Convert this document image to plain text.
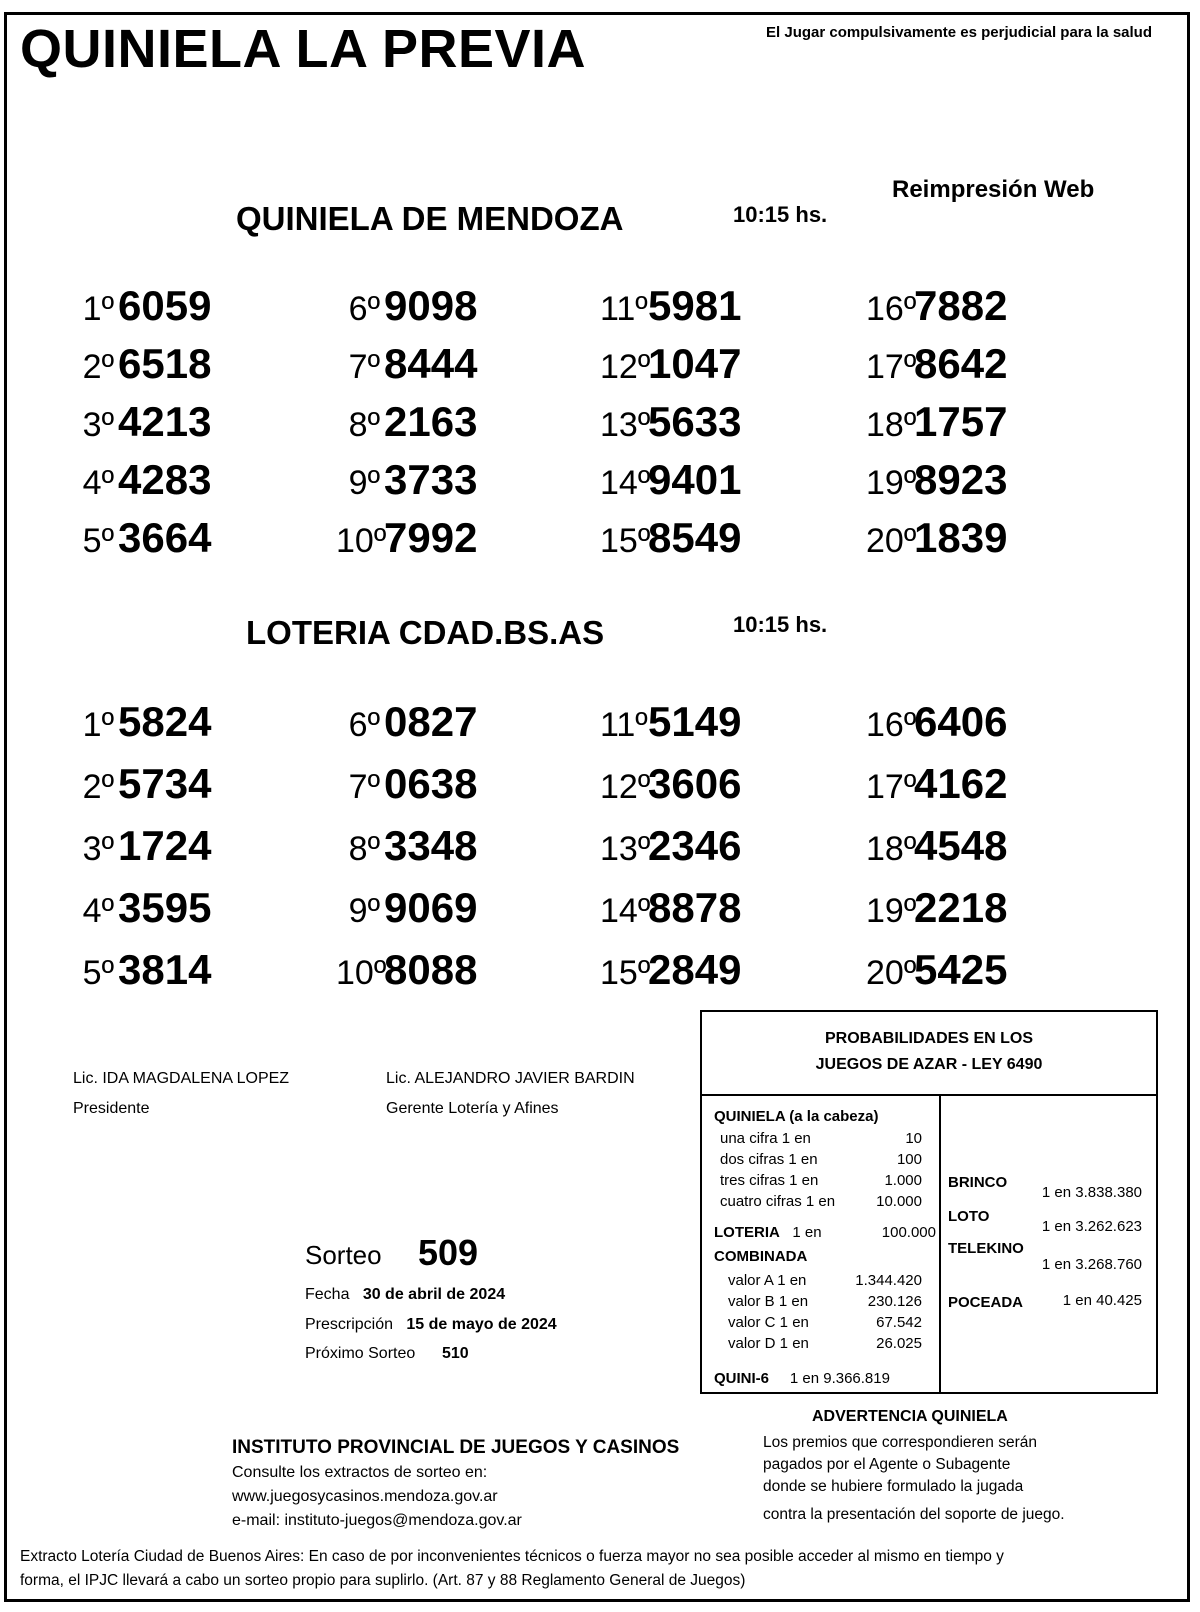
QUINIELA LA PREVIA	El Jugar compulsivamente es perjudicial para la salud
Reimpresión Web
QUINIELA DE MENDOZA	10:15 hs.
1º6059
2º6518
3º4213
4º4283
5º3664
6º9098
7º8444
8º2163
9º3733
10º7992
11º5981
12º1047
13º5633
14º9401
15º8549
16º7882
17º8642
18º1757
19º8923
20º1839
LOTERIA CDAD.BS.AS	10:15 hs.
1º5824
2º5734
3º1724
4º3595
5º3814
6º0827
7º0638
8º3348
9º9069
10º8088
11º5149
12º3606
13º2346
14º8878
15º2849
16º6406
17º4162
18º4548
19º2218
20º5425
Lic. IDA MAGDALENA LOPEZ
Presidente
Lic. ALEJANDRO JAVIER BARDIN
Gerente Lotería y Afines
Sorteo 509
Fecha 30 de abril de 2024
Prescripción 15 de mayo de 2024
Próximo Sorteo 510
PROBABILIDADES EN LOS
JUEGOS DE AZAR - LEY 6490
QUINIELA (a la cabeza)
una cifra 1 en	10
dos cifras 1 en	100
tres cifras 1 en	1.000
cuatro cifras 1 en	10.000
LOTERIA 1 en	100.000
COMBINADA
valor A 1 en	1.344.420
valor B 1 en	230.126
valor C 1 en	67.542
valor D 1 en	26.025
QUINI-6 1 en 9.366.819
BRINCO
1 en 3.838.380
LOTO
1 en 3.262.623
TELEKINO
1 en 3.268.760
POCEADA	1 en 40.425
INSTITUTO PROVINCIAL DE JUEGOS Y CASINOS
Consulte los extractos de sorteo en:
www.juegosycasinos.mendoza.gov.ar
e-mail: instituto-juegos@mendoza.gov.ar
ADVERTENCIA QUINIELA
Los premios que correspondieren serán
pagados por el Agente o Subagente
donde se hubiere formulado la jugada
contra la presentación del soporte de juego.
Extracto Lotería Ciudad de Buenos Aires: En caso de por inconvenientes técnicos o fuerza mayor no sea posible acceder al mismo en tiempo y
forma, el IPJC llevará a cabo un sorteo propio para suplirlo. (Art. 87 y 88 Reglamento General de Juegos)
